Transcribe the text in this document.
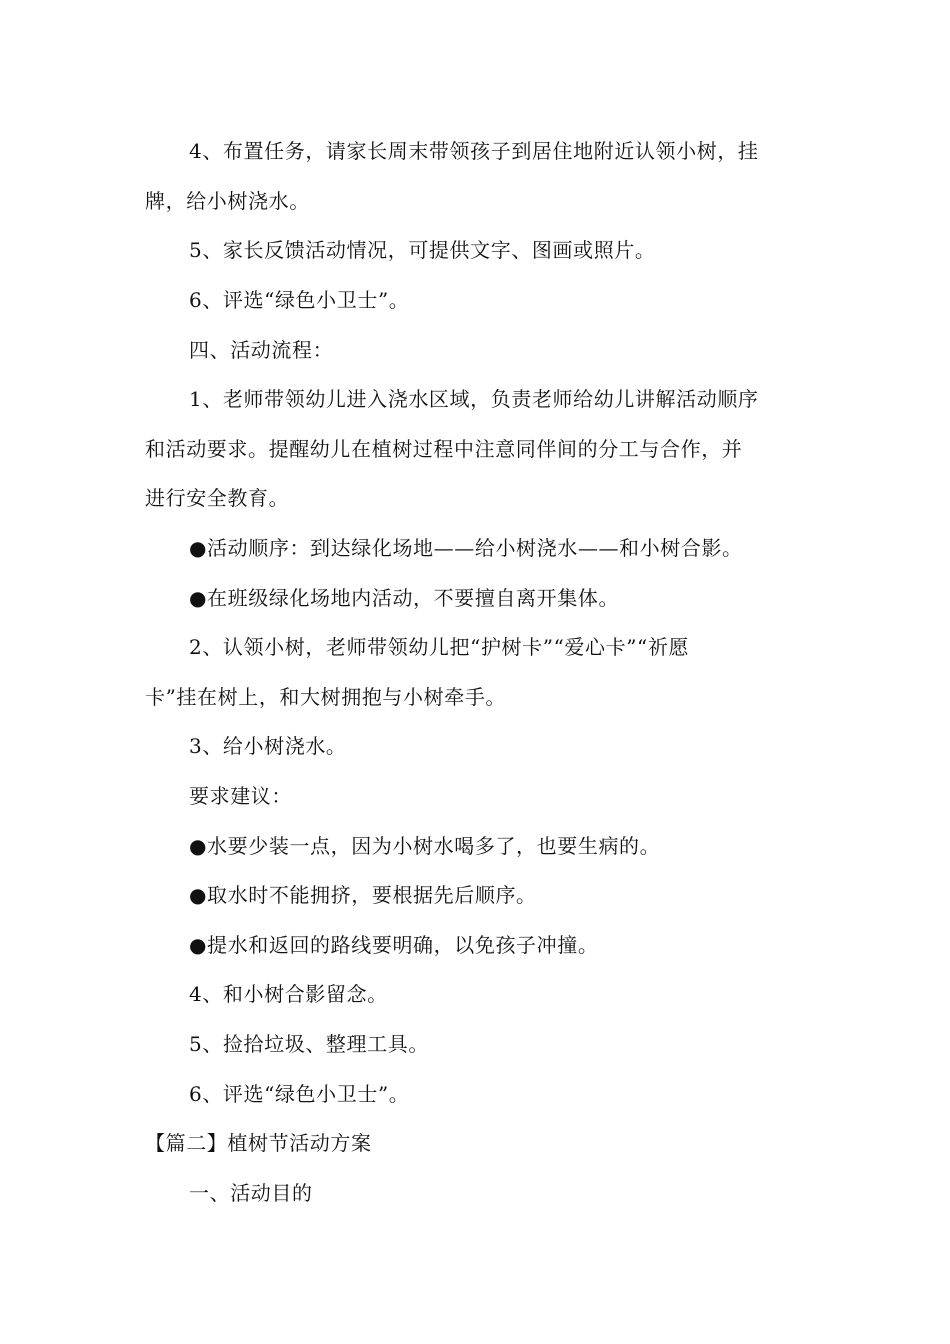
4、布置任务，请家长周末带领孩子到居住地附近认领小树，挂
牌，给小树浇水。
5、家长反馈活动情况，可提供文字、图画或照片。
6、评选“绿色小卫士”。
四、活动流程：
1、老师带领幼儿进入浇水区域，负责老师给幼儿讲解活动顺序
和活动要求。提醒幼儿在植树过程中注意同伴间的分工与合作，并
进行安全教育。
●活动顺序：到达绿化场地——给小树浇水——和小树合影。
●在班级绿化场地内活动，不要擅自离开集体。
2、认领小树，老师带领幼儿把“护树卡”“爱心卡”“祈愿
卡”挂在树上，和大树拥抱与小树牵手。
3、给小树浇水。
要求建议：
●水要少装一点，因为小树水喝多了，也要生病的。
●取水时不能拥挤，要根据先后顺序。
●提水和返回的路线要明确，以免孩子冲撞。
4、和小树合影留念。
5、捡拾垃圾、整理工具。
6、评选“绿色小卫士”。
【篇二】植树节活动方案
一、活动目的
